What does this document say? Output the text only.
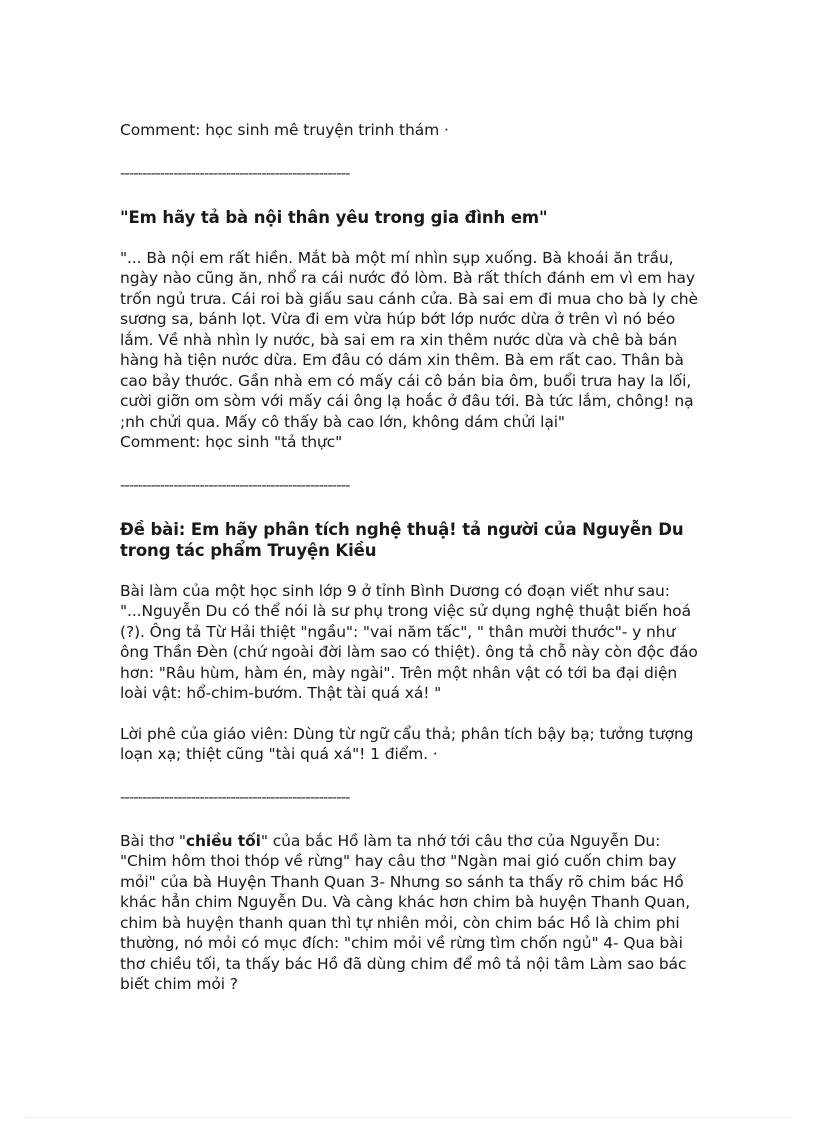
Comment: học sinh mê truyện trinh thám ·

----------------------------------------------------
"Em hãy tả bà nội thân yêu trong gia đình em"

"... Bà nội em rất hiền. Mắt bà một mí nhìn sụp xuống. Bà khoái ăn trầu, ngày nào cũng ăn, nhổ ra cái nước đỏ lòm. Bà rất thích đánh em vì em hay trốn ngủ trưa. Cái roi bà giấu sau cánh cửa. Bà sai em đi mua cho bà ly chè sương sa, bánh lọt. Vừa đi em vừa húp bớt lớp nước dừa ở trên vì nó béo lắm. Về nhà nhìn ly nước, bà sai em ra xin thêm nước dừa và chê bà bán hàng hà tiện nước dừa. Em đâu có dám xin thêm. Bà em rất cao. Thân bà cao bảy thước. Gần nhà em có mấy cái cô bán bia ôm, buổi trưa hay la lối, cười giỡn om sòm với mấy cái ông lạ hoắc ở đâu tới. Bà tức lắm, chông! nạ ;nh chửi qua. Mấy cô thấy bà cao lớn, không dám chửi lại"

Comment: học sinh "tả thực"

----------------------------------------------------
Đề bài: Em hãy phân tích nghệ thuậ! tả người của Nguyễn Du trong tác phẩm Truyện Kiều

Bài làm của một học sinh lớp 9 ở tỉnh Bình Dương có đoạn viết như sau: "...Nguyễn Du có thể nói là sư phụ trong việc sử dụng nghệ thuật biến hoá (?). Ông tả Từ Hải thiệt "ngầu": "vai năm tấc", " thân mười thước"- y như ông Thần Đèn (chứ ngoài đời làm sao có thiệt). ông tả chỗ này còn độc đáo hơn: "Râu hùm, hàm én, mày ngài". Trên một nhân vật có tới ba đại diện loài vật: hổ-chim-bướm. Thật tài quá xá! "

Lời phê của giáo viên: Dùng từ ngữ cẩu thả; phân tích bậy bạ; tưởng tượng loạn xạ; thiệt cũng "tài quá xá"! 1 điểm. ·

----------------------------------------------------

Bài thơ "chiều tối" của bắc Hồ làm ta nhớ tới câu thơ của Nguyễn Du: "Chim hôm thoi thóp về rừng" hay câu thơ "Ngàn mai gió cuốn chim bay mỏi" của bà Huyện Thanh Quan 3- Nhưng so sánh ta thấy rõ chim bác Hồ khác hẳn chim Nguyễn Du. Và càng khác hơn chim bà huyện Thanh Quan, chim bà huyện thanh quan thì tự nhiên mỏi, còn chim bác Hồ là chim phi thường, nó mỏi có mục đích: "chim mỏi về rừng tìm chốn ngủ" 4- Qua bài thơ chiều tối, ta thấy bác Hồ đã dùng chim để mô tả nội tâm Làm sao bác biết chim mỏi ?
